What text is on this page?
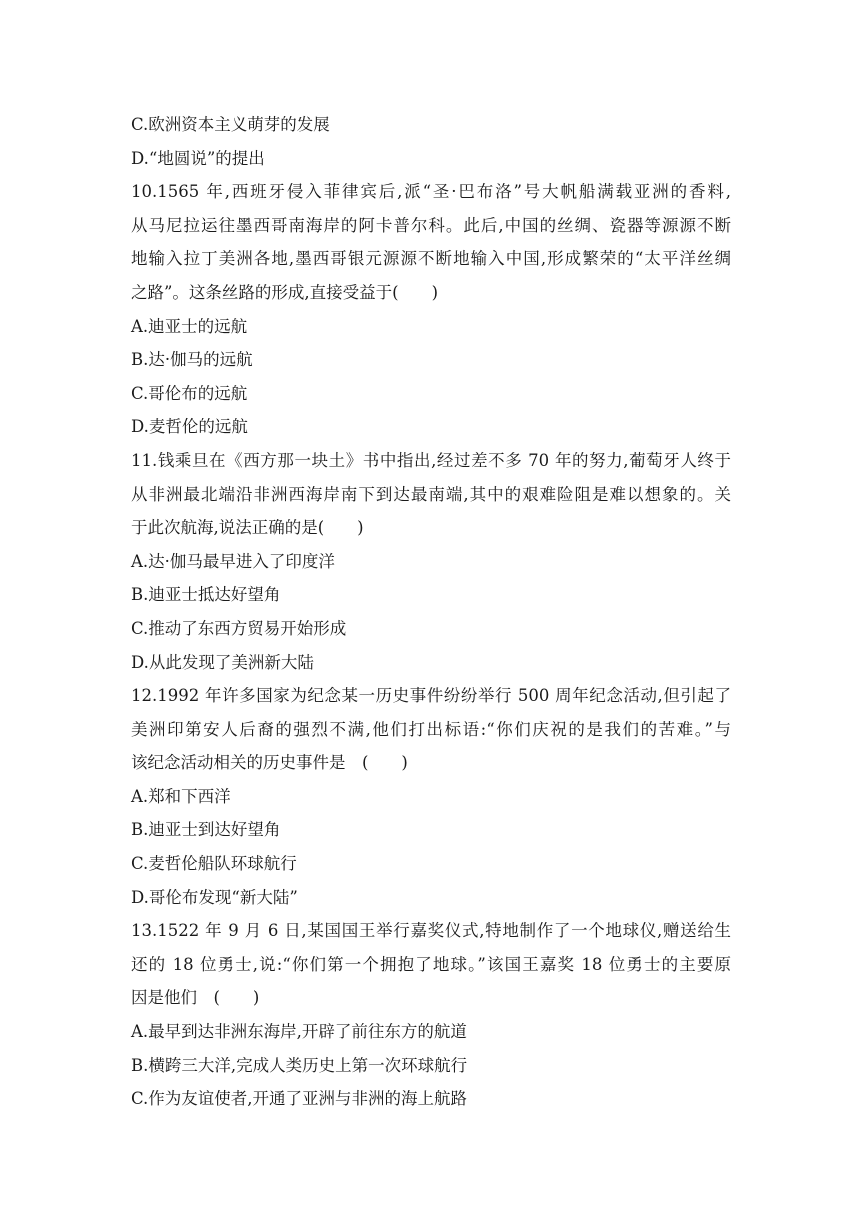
C.欧洲资本主义萌芽的发展
D.“地圆说”的提出
10.1565 年,西班牙侵入菲律宾后,派“圣·巴布洛”号大帆船满载亚洲的香料,
从马尼拉运往墨西哥南海岸的阿卡普尔科。此后,中国的丝绸、瓷器等源源不断
地输入拉丁美洲各地,墨西哥银元源源不断地输入中国,形成繁荣的“太平洋丝绸
之路”。这条丝路的形成,直接受益于(　　)
A.迪亚士的远航
B.达·伽马的远航
C.哥伦布的远航
D.麦哲伦的远航
11.钱乘旦在《西方那一块土》书中指出,经过差不多 70 年的努力,葡萄牙人终于
从非洲最北端沿非洲西海岸南下到达最南端,其中的艰难险阻是难以想象的。关
于此次航海,说法正确的是(　　)
A.达·伽马最早进入了印度洋
B.迪亚士抵达好望角
C.推动了东西方贸易开始形成
D.从此发现了美洲新大陆
12.1992 年许多国家为纪念某一历史事件纷纷举行 500 周年纪念活动,但引起了
美洲印第安人后裔的强烈不满,他们打出标语:“你们庆祝的是我们的苦难。”与
该纪念活动相关的历史事件是　(　　)
A.郑和下西洋
B.迪亚士到达好望角
C.麦哲伦船队环球航行
D.哥伦布发现“新大陆”
13.1522 年 9 月 6 日,某国国王举行嘉奖仪式,特地制作了一个地球仪,赠送给生
还的 18 位勇士,说:“你们第一个拥抱了地球。”该国王嘉奖 18 位勇士的主要原
因是他们　(　　)
A.最早到达非洲东海岸,开辟了前往东方的航道
B.横跨三大洋,完成人类历史上第一次环球航行
C.作为友谊使者,开通了亚洲与非洲的海上航路
